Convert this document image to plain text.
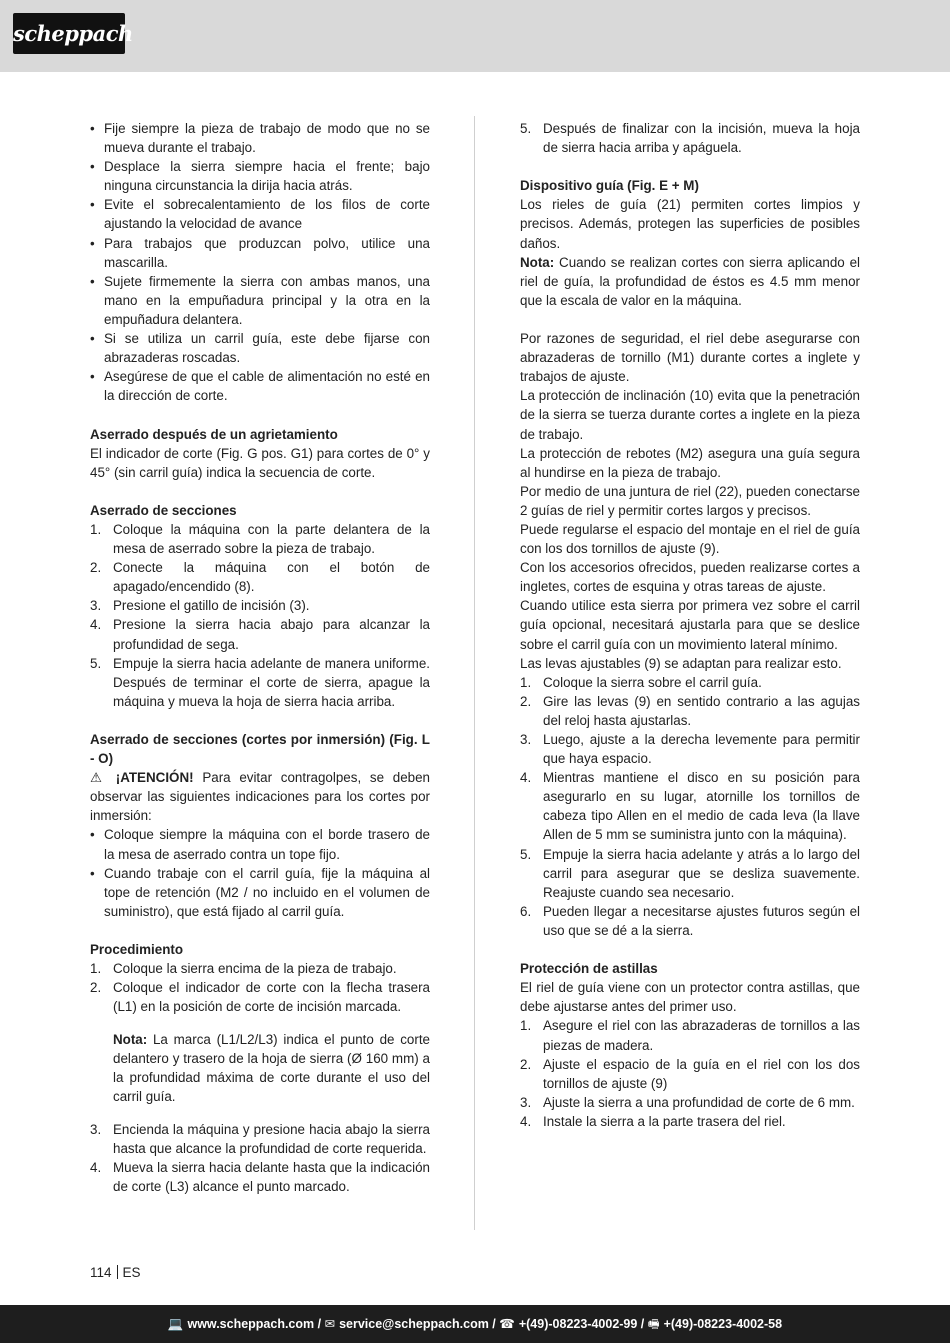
scheppach
• Fije siempre la pieza de trabajo de modo que no se mueva durante el trabajo.
• Desplace la sierra siempre hacia el frente; bajo ninguna circunstancia la dirija hacia atrás.
• Evite el sobrecalentamiento de los filos de corte ajustando la velocidad de avance
• Para trabajos que produzcan polvo, utilice una mascarilla.
• Sujete firmemente la sierra con ambas manos, una mano en la empuñadura principal y la otra en la empuñadura delantera.
• Si se utiliza un carril guía, este debe fijarse con abrazaderas roscadas.
• Asegúrese de que el cable de alimentación no esté en la dirección de corte.

Aserrado después de un agrietamiento

El indicador de corte (Fig. G pos. G1) para cortes de 0° y 45° (sin carril guía) indica la secuencia de corte.

Aserrado de secciones

1. Coloque la máquina con la parte delantera de la mesa de aserrado sobre la pieza de trabajo.
2. Conecte la máquina con el botón de apagado/encendido (8).
3. Presione el gatillo de incisión (3).
4. Presione la sierra hacia abajo para alcanzar la profundidad de sega.
5. Empuje la sierra hacia adelante de manera uniforme. Después de terminar el corte de sierra, apague la máquina y mueva la hoja de sierra hacia arriba.

Aserrado de secciones (cortes por inmersión) (Fig. L - O)

⚠ ¡ATENCIÓN! Para evitar contragolpes, se deben observar las siguientes indicaciones para los cortes por inmersión:

• Coloque siempre la máquina con el borde trasero de la mesa de aserrado contra un tope fijo.
• Cuando trabaje con el carril guía, fije la máquina al tope de retención (M2 / no incluido en el volumen de suministro), que está fijado al carril guía.

Procedimiento

1. Coloque la sierra encima de la pieza de trabajo.
2. Coloque el indicador de corte con la flecha trasera (L1) en la posición de corte de incisión marcada.

Nota: La marca (L1/L2/L3) indica el punto de corte delantero y trasero de la hoja de sierra (Ø 160 mm) a la profundidad máxima de corte durante el uso del carril guía.

3. Encienda la máquina y presione hacia abajo la sierra hasta que alcance la profundidad de corte requerida.
4. Mueva la sierra hacia delante hasta que la indicación de corte (L3) alcance el punto marcado.
5. Después de finalizar con la incisión, mueva la hoja de sierra hacia arriba y apáguela.

Dispositivo guía (Fig. E + M)

Los rieles de guía (21) permiten cortes limpios y precisos. Además, protegen las superficies de posibles daños.

Nota: Cuando se realizan cortes con sierra aplicando el riel de guía, la profundidad de éstos es 4.5 mm menor que la escala de valor en la máquina.

Por razones de seguridad, el riel debe asegurarse con abrazaderas de tornillo (M1) durante cortes a inglete y trabajos de ajuste.

La protección de inclinación (10) evita que la penetración de la sierra se tuerza durante cortes a inglete en la pieza de trabajo.

La protección de rebotes (M2) asegura una guía segura al hundirse en la pieza de trabajo.

Por medio de una juntura de riel (22), pueden conectarse 2 guías de riel y permitir cortes largos y precisos.

Puede regularse el espacio del montaje en el riel de guía con los dos tornillos de ajuste (9).

Con los accesorios ofrecidos, pueden realizarse cortes a ingletes, cortes de esquina y otras tareas de ajuste.

Cuando utilice esta sierra por primera vez sobre el carril guía opcional, necesitará ajustarla para que se deslice sobre el carril guía con un movimiento lateral mínimo.

Las levas ajustables (9) se adaptan para realizar esto.

1. Coloque la sierra sobre el carril guía.
2. Gire las levas (9) en sentido contrario a las agujas del reloj hasta ajustarlas.
3. Luego, ajuste a la derecha levemente para permitir que haya espacio.
4. Mientras mantiene el disco en su posición para asegurarlo en su lugar, atornille los tornillos de cabeza tipo Allen en el medio de cada leva (la llave Allen de 5 mm se suministra junto con la máquina).
5. Empuje la sierra hacia adelante y atrás a lo largo del carril para asegurar que se desliza suavemente. Reajuste cuando sea necesario.
6. Pueden llegar a necesitarse ajustes futuros según el uso que se dé a la sierra.

Protección de astillas

El riel de guía viene con un protector contra astillas, que debe ajustarse antes del primer uso.

1. Asegure el riel con las abrazaderas de tornillos a las piezas de madera.
2. Ajuste el espacio de la guía en el riel con los dos tornillos de ajuste (9)
3. Ajuste la sierra a una profundidad de corte de 6 mm.
4. Instale la sierra a la parte trasera del riel.
114 ES
💻 www.scheppach.com / ✉ service@scheppach.com / ☎ +(49)-08223-4002-99 / 🖷 +(49)-08223-4002-58
